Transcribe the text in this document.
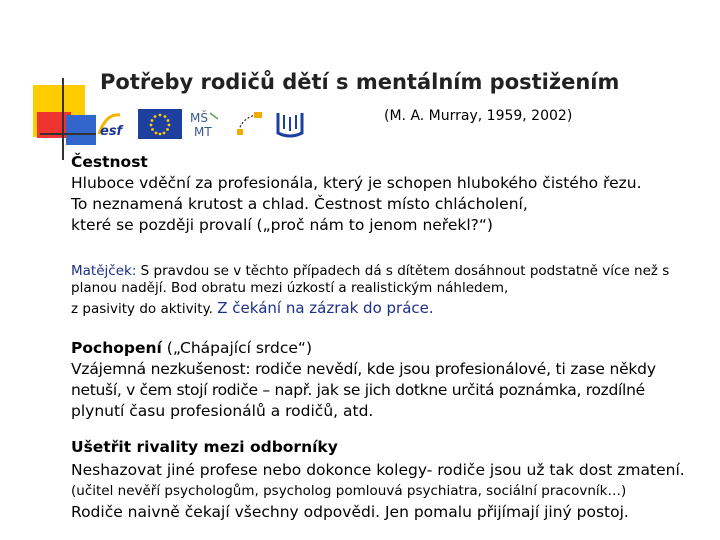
Potřeby rodičů dětí s mentálním postižením
esf
MŠ
MT
(M. A. Murray, 1959, 2002)
Čestnost
Hluboce vděční za profesionála, který je schopen hlubokého čistého řezu.
To neznamená krutost a chlad. Čestnost místo chlácholení,
které se později provalí („proč nám to jenom neřekl?“)
Matějček: S pravdou se v těchto případech dá s dítětem dosáhnout podstatně více než s
planou nadějí. Bod obratu mezi úzkostí a realistickým náhledem,
z pasivity do aktivity. Z čekání na zázrak do práce.
Pochopení („Chápající srdce“)
Vzájemná nezkušenost: rodiče nevědí, kde jsou profesionálové, ti zase někdy
netuší, v čem stojí rodiče – např. jak se jich dotkne určitá poznámka, rozdílné
plynutí času profesionálů a rodičů, atd.
Ušetřit rivality mezi odborníky
Neshazovat jiné profese nebo dokonce kolegy- rodiče jsou už tak dost zmatení.
(učitel nevěří psychologům, psycholog pomlouvá psychiatra, sociální pracovník…)
Rodiče naivně čekají všechny odpovědi. Jen pomalu přijímají jiný postoj.
